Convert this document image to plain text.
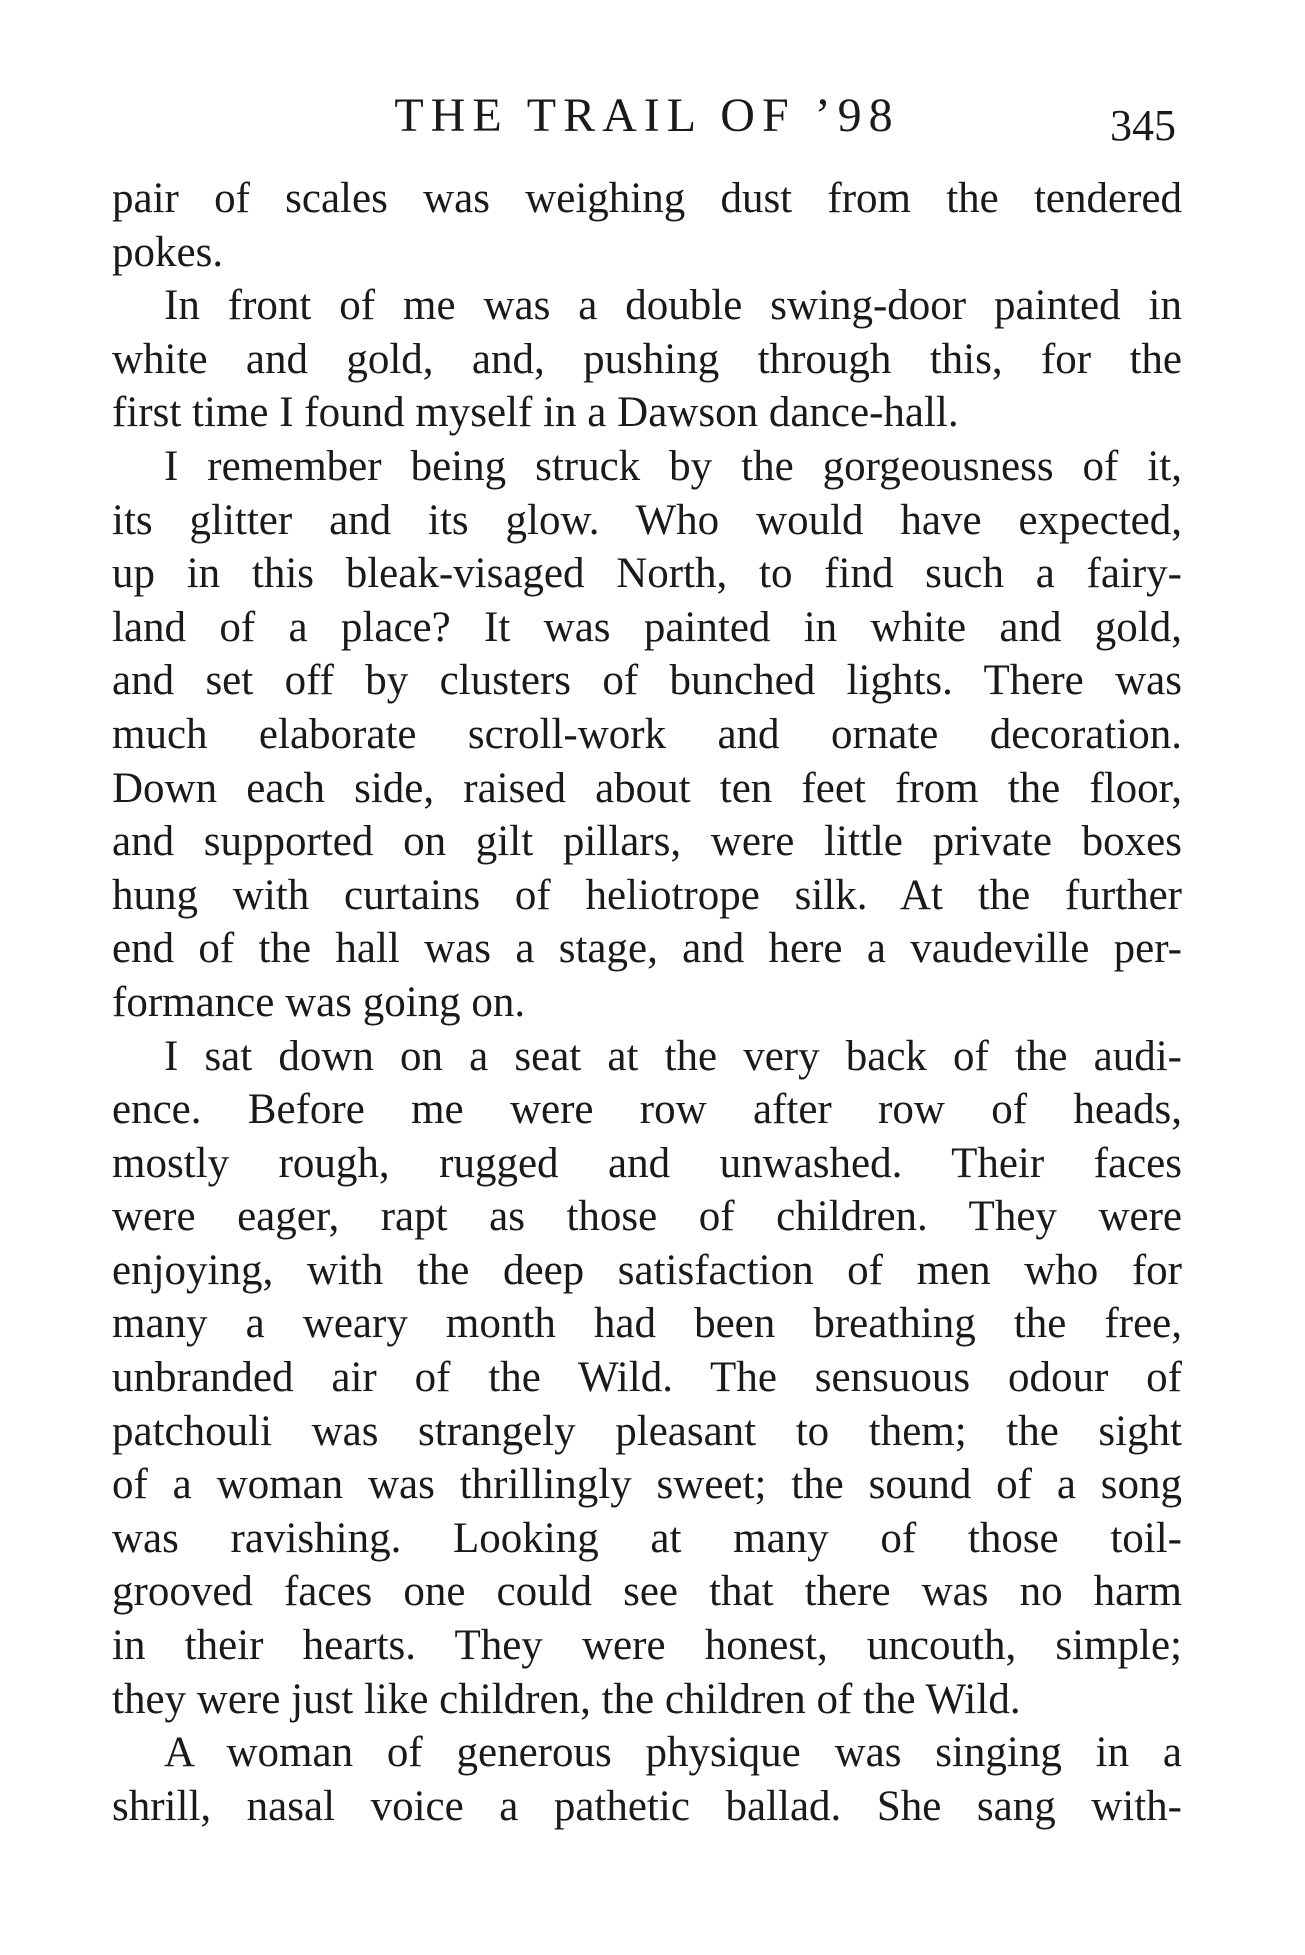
THE TRAIL OF ’98	345
pair of scales was weighing dust from the tendered
pokes.
In front of me was a double swing-door painted in
white and gold, and, pushing through this, for the
first time I found myself in a Dawson dance-hall.
I remember being struck by the gorgeousness of it,
its glitter and its glow. Who would have expected,
up in this bleak-visaged North, to find such a fairy-
land of a place? It was painted in white and gold,
and set off by clusters of bunched lights. There was
much elaborate scroll-work and ornate decoration.
Down each side, raised about ten feet from the floor,
and supported on gilt pillars, were little private boxes
hung with curtains of heliotrope silk. At the further
end of the hall was a stage, and here a vaudeville per-
formance was going on.
I sat down on a seat at the very back of the audi-
ence. Before me were row after row of heads,
mostly rough, rugged and unwashed. Their faces
were eager, rapt as those of children. They were
enjoying, with the deep satisfaction of men who for
many a weary month had been breathing the free,
unbranded air of the Wild. The sensuous odour of
patchouli was strangely pleasant to them; the sight
of a woman was thrillingly sweet; the sound of a song
was ravishing. Looking at many of those toil-
grooved faces one could see that there was no harm
in their hearts. They were honest, uncouth, simple;
they were just like children, the children of the Wild.
A woman of generous physique was singing in a
shrill, nasal voice a pathetic ballad. She sang with-
